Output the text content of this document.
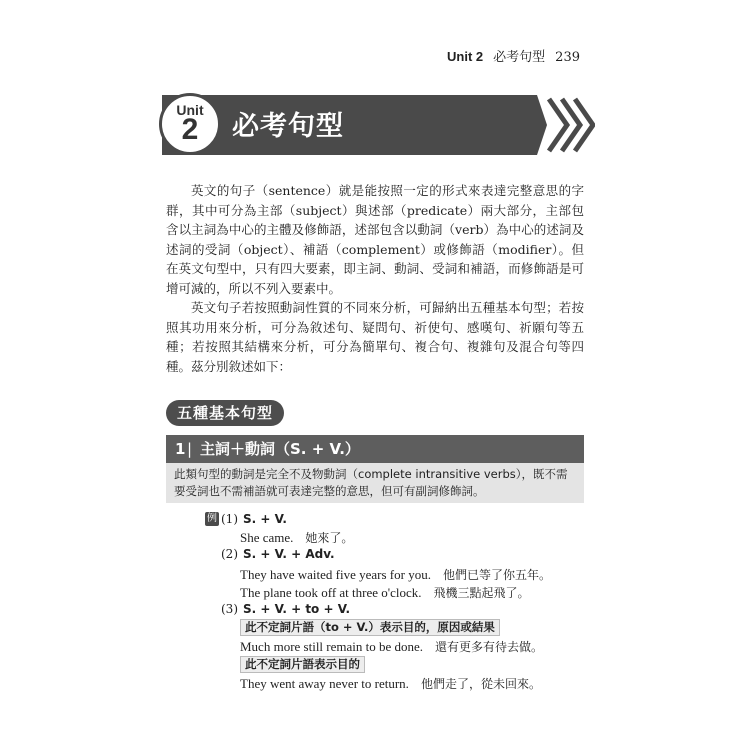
Unit 2 必考句型 239
Unit
2	必考句型

英文的句子（sentence）就是能按照一定的形式來表達完整意思的字群，其中可分為主部（subject）與述部（predicate）兩大部分，主部包含以主詞為中心的主體及修飾語，述部包含以動詞（verb）為中心的述詞及述詞的受詞（object）、補語（complement）或修飾語（modifier）。但在英文句型中，只有四大要素，即主詞、動詞、受詞和補語，而修飾語是可增可減的，所以不列入要素中。

英文句子若按照動詞性質的不同來分析，可歸納出五種基本句型；若按照其功用來分析，可分為敘述句、疑問句、祈使句、感嘆句、祈願句等五種；若按照其結構來分析，可分為簡單句、複合句、複雜句及混合句等四種。茲分別敘述如下：

五種基本句型
1 | 主詞＋動詞（S. + V.）
此類句型的動詞是完全不及物動詞（complete intransitive verbs），既不需要受詞也不需補語就可表達完整的意思，但可有副詞修飾詞。
例 (1) S. + V.
She came. 她來了。
(2) S. + V. + Adv.
They have waited five years for you. 他們已等了你五年。
The plane took off at three o'clock. 飛機三點起飛了。
(3) S. + V. + to + V.
此不定詞片語（to + V.）表示目的，原因或結果
Much more still remain to be done. 還有更多有待去做。
此不定詞片語表示目的
They went away never to return. 他們走了，從未回來。
